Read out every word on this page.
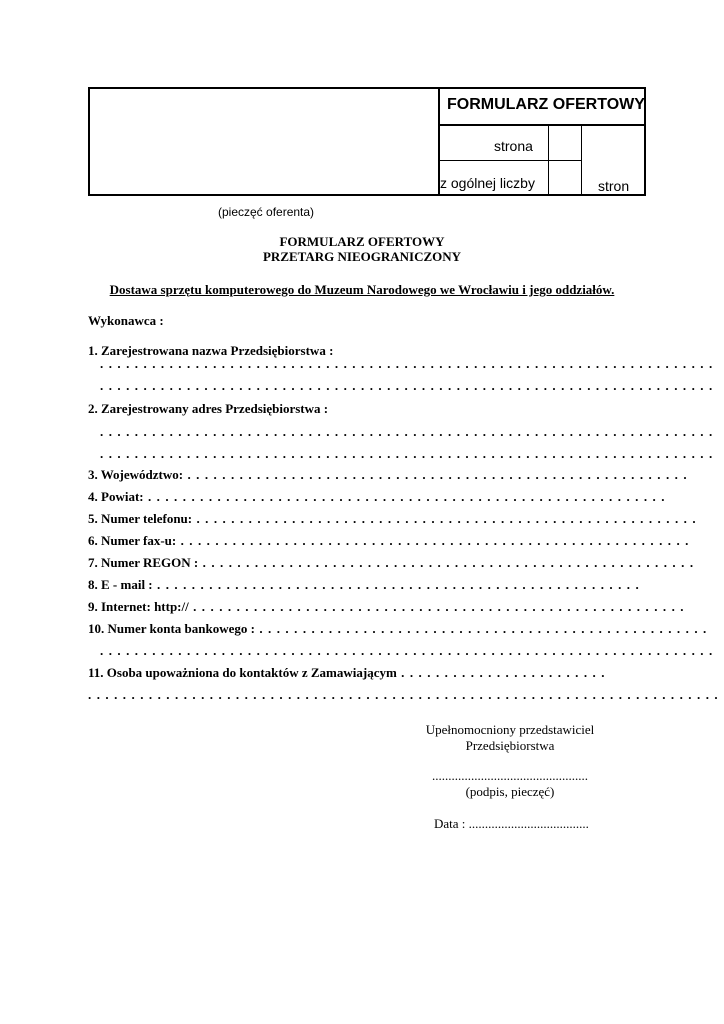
FORMULARZ OFERTOWY
strona
z ogólnej liczby	stron
(pieczęć oferenta)
FORMULARZ OFERTOWY
PRZETARG NIEOGRANICZONY
Dostawa sprzętu komputerowego do Muzeum Narodowego we Wrocławiu i jego oddziałów.
Wykonawca :
1. Zarejestrowana nazwa Przedsiębiorstwa :
. . . . . . . . . . . . . . . . . . . . . . . . . . . . . . . . . . . . . . . . . . . . . . . . . . . . . . . . . . . . . . . . . . . . . . .
. . . . . . . . . . . . . . . . . . . . . . . . . . . . . . . . . . . . . . . . . . . . . . . . . . . . . . . . . . . . . . . . . . . . . . .
2. Zarejestrowany adres Przedsiębiorstwa :
. . . . . . . . . . . . . . . . . . . . . . . . . . . . . . . . . . . . . . . . . . . . . . . . . . . . . . . . . . . . . . . . . . . . . . .
. . . . . . . . . . . . . . . . . . . . . . . . . . . . . . . . . . . . . . . . . . . . . . . . . . . . . . . . . . . . . . . . . . . . . . .
3. Województwo: . . . . . . . . . . . . . . . . . . . . . . . . . . . . . . . . . . . . . . . . . . . . . . . . . . . . . . . . . .
4. Powiat: . . . . . . . . . . . . . . . . . . . . . . . . . . . . . . . . . . . . . . . . . . . . . . . . . . . . . . . . . . . .
5. Numer telefonu: . . . . . . . . . . . . . . . . . . . . . . . . . . . . . . . . . . . . . . . . . . . . . . . . . . . . . . . . . .
6. Numer fax-u: . . . . . . . . . . . . . . . . . . . . . . . . . . . . . . . . . . . . . . . . . . . . . . . . . . . . . . . . . . .
7. Numer REGON : . . . . . . . . . . . . . . . . . . . . . . . . . . . . . . . . . . . . . . . . . . . . . . . . . . . . . . . . .
8. E - mail : . . . . . . . . . . . . . . . . . . . . . . . . . . . . . . . . . . . . . . . . . . . . . . . . . . . . . . . .
9. Internet: http:// . . . . . . . . . . . . . . . . . . . . . . . . . . . . . . . . . . . . . . . . . . . . . . . . . . . . . . . . .
10. Numer konta bankowego : . . . . . . . . . . . . . . . . . . . . . . . . . . . . . . . . . . . . . . . . . . . . . . . . . . . .
. . . . . . . . . . . . . . . . . . . . . . . . . . . . . . . . . . . . . . . . . . . . . . . . . . . . . . . . . . . . . . . . . . . . . . .
11. Osoba upoważniona do kontaktów z Zamawiającym . . . . . . . . . . . . . . . . . . . . . . . .
. . . . . . . . . . . . . . . . . . . . . . . . . . . . . . . . . . . . . . . . . . . . . . . . . . . . . . . . . . . . . . . . . . . . . . . . .
Upełnomocniony przedstawiciel
Przedsiębiorstwa
................................................
(podpis, pieczęć)
Data : .....................................
